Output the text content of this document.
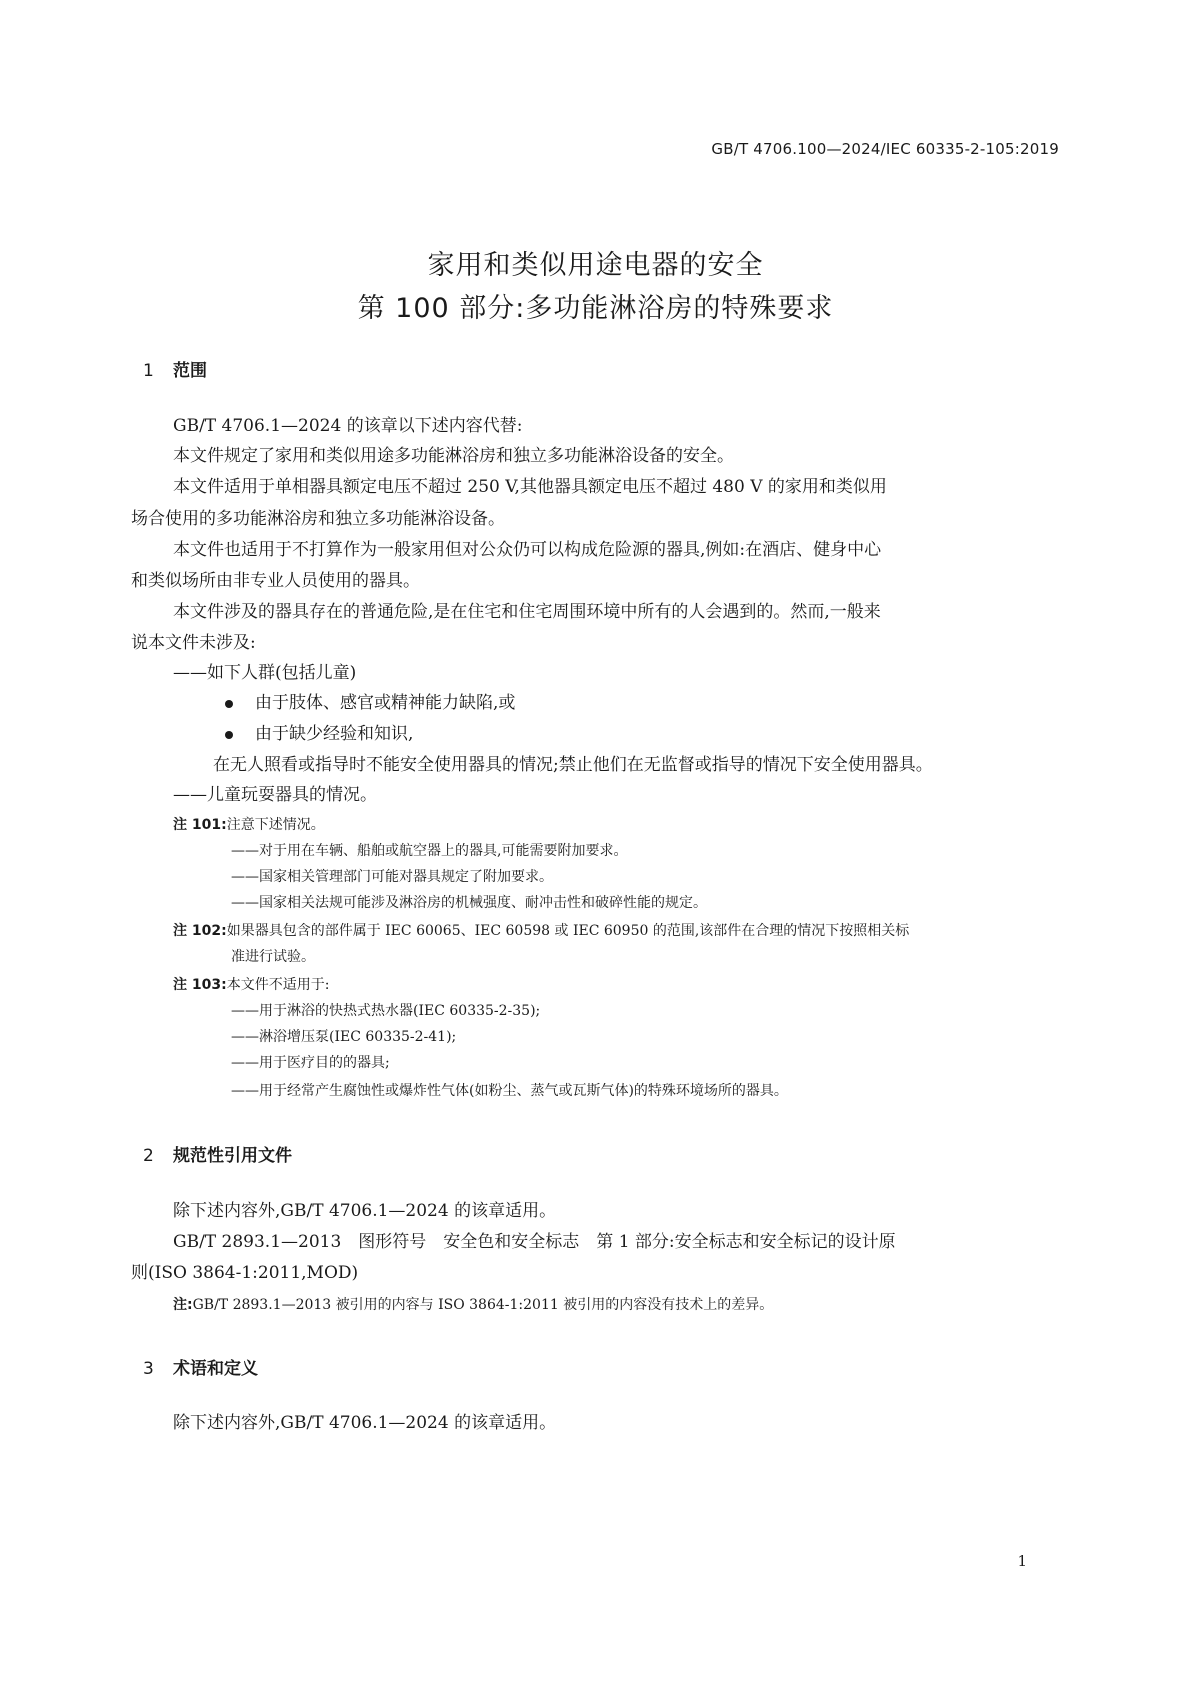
GB/T 4706.100—2024/IEC 60335-2-105:2019
家用和类似用途电器的安全
第 100 部分:多功能淋浴房的特殊要求
1 范围
GB/T 4706.1—2024 的该章以下述内容代替:
本文件规定了家用和类似用途多功能淋浴房和独立多功能淋浴设备的安全。
本文件适用于单相器具额定电压不超过 250 V,其他器具额定电压不超过 480 V 的家用和类似用
场合使用的多功能淋浴房和独立多功能淋浴设备。
本文件也适用于不打算作为一般家用但对公众仍可以构成危险源的器具,例如:在酒店、健身中心
和类似场所由非专业人员使用的器具。
本文件涉及的器具存在的普通危险,是在住宅和住宅周围环境中所有的人会遇到的。然而,一般来
说本文件未涉及:
——如下人群(包括儿童)
由于肢体、感官或精神能力缺陷,或
由于缺少经验和知识,
在无人照看或指导时不能安全使用器具的情况;禁止他们在无监督或指导的情况下安全使用器具。
——儿童玩耍器具的情况。
注 101:注意下述情况。
——对于用在车辆、船舶或航空器上的器具,可能需要附加要求。
——国家相关管理部门可能对器具规定了附加要求。
——国家相关法规可能涉及淋浴房的机械强度、耐冲击性和破碎性能的规定。
注 102:如果器具包含的部件属于 IEC 60065、IEC 60598 或 IEC 60950 的范围,该部件在合理的情况下按照相关标
准进行试验。
注 103:本文件不适用于:
——用于淋浴的快热式热水器(IEC 60335-2-35);
——淋浴增压泵(IEC 60335-2-41);
——用于医疗目的的器具;
——用于经常产生腐蚀性或爆炸性气体(如粉尘、蒸气或瓦斯气体)的特殊环境场所的器具。
2 规范性引用文件
除下述内容外,GB/T 4706.1—2024 的该章适用。
GB/T 2893.1—2013　图形符号　安全色和安全标志　第 1 部分:安全标志和安全标记的设计原
则(ISO 3864-1:2011,MOD)
注:GB/T 2893.1—2013 被引用的内容与 ISO 3864-1:2011 被引用的内容没有技术上的差异。
3 术语和定义
除下述内容外,GB/T 4706.1—2024 的该章适用。
1
